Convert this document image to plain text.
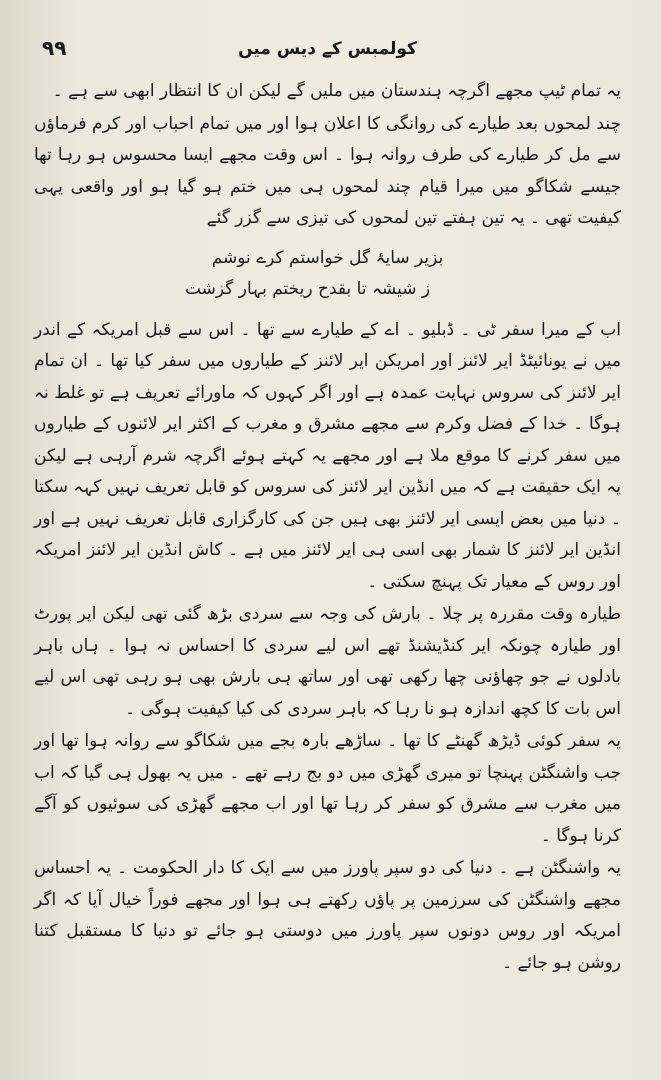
کولمبس کے دیس میں
۹۹

یہ تمام ٹیپ مجھے اگرچہ ہندستان میں ملیں گے لیکن ان کا انتظار ابھی سے ہے ۔

چند لمحوں بعد طیارے کی روانگی کا اعلان ہوا اور میں تمام احباب اور کرم فرماؤں سے مل کر طیارے کی طرف روانہ ہوا ۔ اس وقت مجھے ایسا محسوس ہو رہا تھا جیسے شکاگو میں میرا قیام چند لمحوں ہی میں ختم ہو گیا ہو اور واقعی یہی کیفیت تھی ۔ یہ تین ہفتے تین لمحوں کی تیزی سے گزر گئے

بزیر سایۂ گل خواستم کرے نوشم
ز شیشہ تا بقدح ریختم بہار گزشت

اب کے میرا سفر ٹی ۔ ڈبلیو ۔ اے کے طیارے سے تھا ۔ اس سے قبل امریکہ کے اندر میں نے یونائیٹڈ ایر لائنز اور امریکن ایر لائنز کے طیاروں میں سفر کیا تھا ۔ ان تمام ایر لائنز کی سروس نہایت عمدہ ہے اور اگر کہوں کہ ماورائے تعریف ہے تو غلط نہ ہوگا ۔ خدا کے فضل وکرم سے مجھے مشرق و مغرب کے اکثر ایر لائنوں کے طیاروں میں سفر کرنے کا موقع ملا ہے اور مجھے یہ کہتے ہوئے اگرچہ شرم آرہی ہے لیکن یہ ایک حقیقت ہے کہ میں انڈین ایر لائنز کی سروس کو قابل تعریف نہیں کہہ سکتا ۔ دنیا میں بعض ایسی ایر لائنز بھی ہیں جن کی کارگزاری قابل تعریف نہیں ہے اور انڈین ایر لائنز کا شمار بھی اسی ہی ایر لائنز میں ہے ۔ کاش انڈین ایر لائنز امریکہ اور روس کے معیار تک پہنچ سکتی ۔

طیارہ وقت مقررہ پر چلا ۔ بارش کی وجہ سے سردی بڑھ گئی تھی لیکن ایر پورٹ اور طیارہ چونکہ ایر کنڈیشنڈ تھے اس لیے سردی کا احساس نہ ہوا ۔ ہاں باہر بادلوں نے جو چھاؤنی چھا رکھی تھی اور ساتھ ہی بارش بھی ہو رہی تھی اس لیے اس بات کا کچھ اندازہ ہو نا رہا کہ باہر سردی کی کیا کیفیت ہوگی ۔

یہ سفر کوئی ڈیڑھ گھنٹے کا تھا ۔ ساڑھے بارہ بجے میں شکاگو سے روانہ ہوا تھا اور جب واشنگٹن پہنچا تو میری گھڑی میں دو بج رہے تھے ۔ میں یہ بھول ہی گیا کہ اب میں مغرب سے مشرق کو سفر کر رہا تھا اور اب مجھے گھڑی کی سوئیوں کو آگے کرنا ہوگا ۔

یہ واشنگٹن ہے ۔ دنیا کی دو سپر پاورز میں سے ایک کا دار الحکومت ۔ یہ احساس مجھے واشنگٹن کی سرزمین پر پاؤں رکھتے ہی ہوا اور مجھے فوراً خیال آیا کہ اگر امریکہ اور روس دونوں سپر پاورز میں دوستی ہو جائے تو دنیا کا مستقبل کتنا روشن ہو جائے ۔
